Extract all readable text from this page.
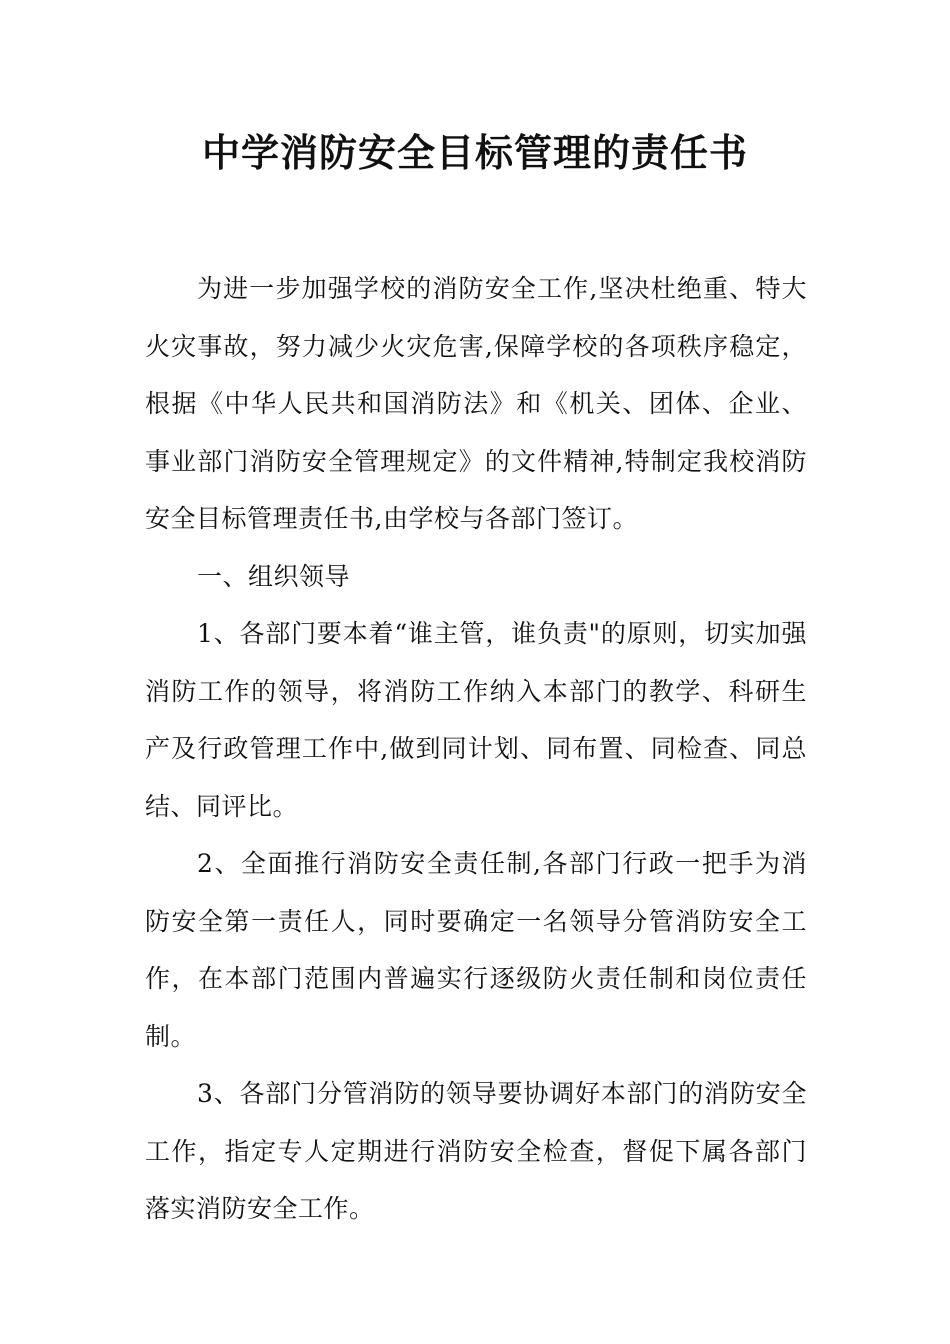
中学消防安全目标管理的责任书

为进一步加强学校的消防安全工作,坚决杜绝重、特大火灾事故，努力减少火灾危害,保障学校的各项秩序稳定，根据《中华人民共和国消防法》和《机关、团体、企业、事业部门消防安全管理规定》的文件精神,特制定我校消防安全目标管理责任书,由学校与各部门签订。

一、组织领导

1、各部门要本着“谁主管，谁负责"的原则，切实加强消防工作的领导，将消防工作纳入本部门的教学、科研生产及行政管理工作中,做到同计划、同布置、同检查、同总结、同评比。

2、全面推行消防安全责任制,各部门行政一把手为消防安全第一责任人，同时要确定一名领导分管消防安全工作，在本部门范围内普遍实行逐级防火责任制和岗位责任制。

3、各部门分管消防的领导要协调好本部门的消防安全工作，指定专人定期进行消防安全检查，督促下属各部门落实消防安全工作。
